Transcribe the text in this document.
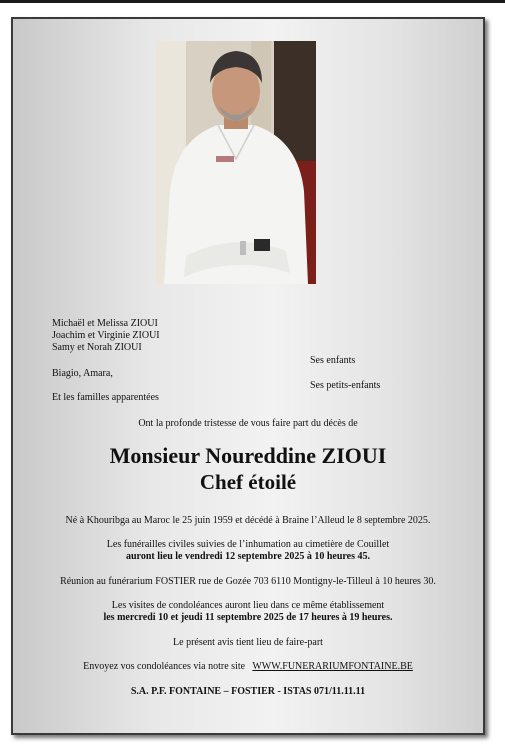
Michaël et Melissa ZIOUI
Joachim et Virginie ZIOUI
Samy et Norah ZIOUI
Ses enfants
Biagio, Amara,
Ses petits-enfants
Et les familles apparentées
Ont la profonde tristesse de vous faire part du décès de
Monsieur Noureddine ZIOUI
Chef étoilé
Né à Khouribga au Maroc le 25 juin 1959 et décédé à Braine l’Alleud le 8 septembre 2025.
Les funérailles civiles suivies de l’inhumation au cimetière de Couillet
auront lieu le vendredi 12 septembre 2025 à 10 heures 45.
Réunion au funérarium FOSTIER rue de Gozée 703 6110 Montigny-le-Tilleul à 10 heures 30.
Les visites de condoléances auront lieu dans ce même établissement
les mercredi 10 et jeudi 11 septembre 2025 de 17 heures à 19 heures.
Le présent avis tient lieu de faire-part
Envoyez vos condoléances via notre site WWW.FUNERARIUMFONTAINE.BE
S.A. P.F. FONTAINE – FOSTIER - ISTAS 071/11.11.11
